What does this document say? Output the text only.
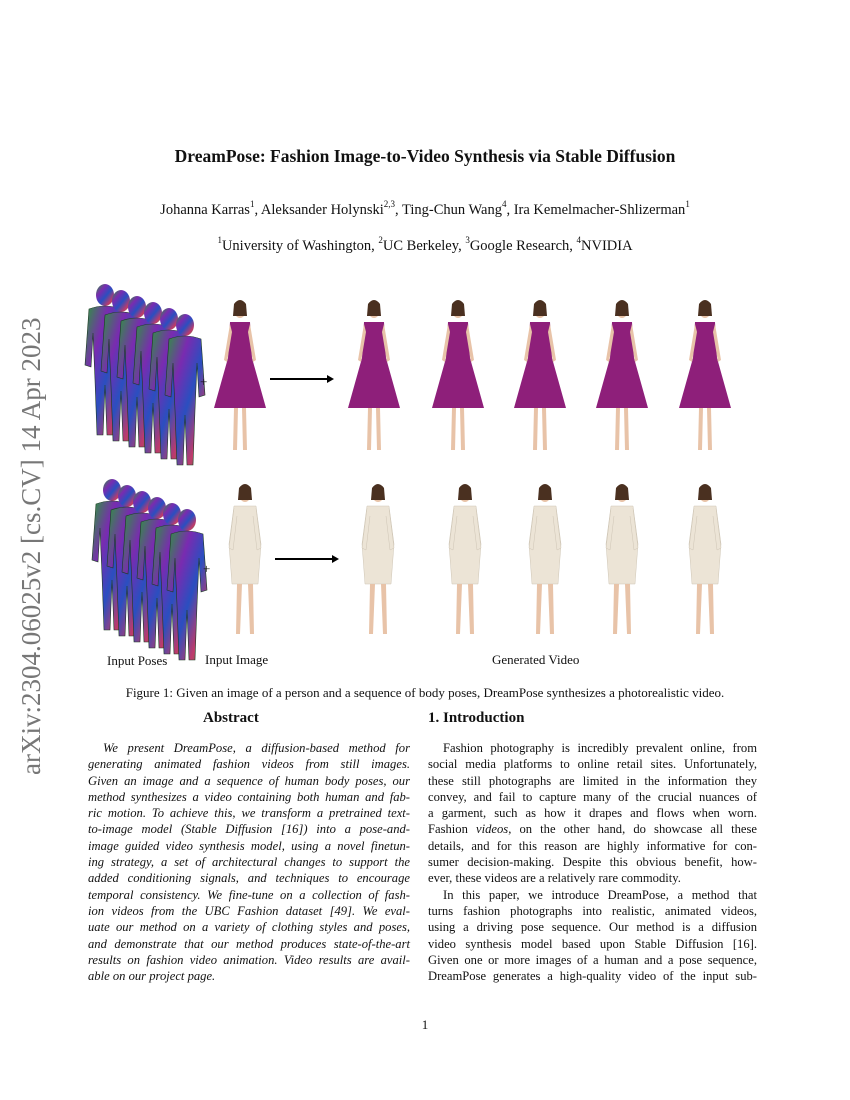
arXiv:2304.06025v2 [cs.CV] 14 Apr 2023
DreamPose: Fashion Image-to-Video Synthesis via Stable Diffusion
Johanna Karras$^1$, Aleksander Holynski$^{2,3}$, Ting-Chun Wang$^4$, Ira Kemelmacher-Shlizerman$^1$
$^1$University of Washington, $^2$UC Berkeley, $^3$Google Research, $^4$NVIDIA
+
+
Input Poses	Input Image	Generated Video
Figure 1: Given an image of a person and a sequence of body poses, DreamPose synthesizes a photorealistic video.
Abstract	1. Introduction
We present DreamPose, a diffusion-based method for
generating animated fashion videos from still images.
Given an image and a sequence of human body poses, our
method synthesizes a video containing both human and fab-
ric motion. To achieve this, we transform a pretrained text-
to-image model (Stable Diffusion [16]) into a pose-and-
image guided video synthesis model, using a novel finetun-
ing strategy, a set of architectural changes to support the
added conditioning signals, and techniques to encourage
temporal consistency. We fine-tune on a collection of fash-
ion videos from the UBC Fashion dataset [49]. We eval-
uate our method on a variety of clothing styles and poses,
and demonstrate that our method produces state-of-the-art
results on fashion video animation. Video results are avail-
able on our project page.
Fashion photography is incredibly prevalent online, from
social media platforms to online retail sites. Unfortunately,
these still photographs are limited in the information they
convey, and fail to capture many of the crucial nuances of
a garment, such as how it drapes and flows when worn.
Fashion videos, on the other hand, do showcase all these
details, and for this reason are highly informative for con-
sumer decision-making. Despite this obvious benefit, how-
ever, these videos are a relatively rare commodity.
In this paper, we introduce DreamPose, a method that
turns fashion photographs into realistic, animated videos,
using a driving pose sequence. Our method is a diffusion
video synthesis model based upon Stable Diffusion [16].
Given one or more images of a human and a pose sequence,
DreamPose generates a high-quality video of the input sub-
1
